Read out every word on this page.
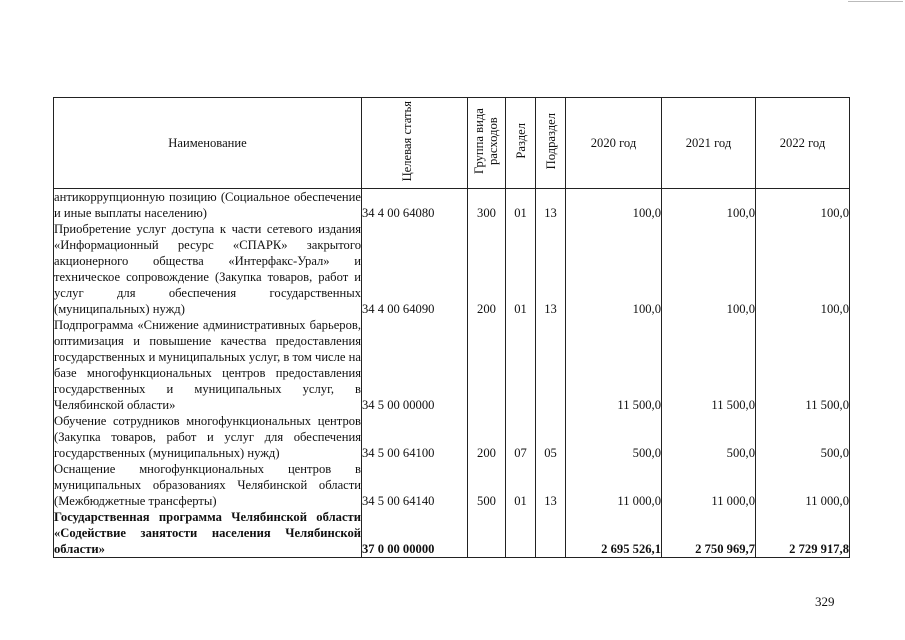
Наименование	Целевая статья	Группа вида расходов	Раздел	Подраздел	2020 год	2021 год	2022 год
антикоррупционную позицию (Социальное обеспечение и иные выплаты населению)	34 4 00 64080	300	01	13	100,0	100,0	100,0
Приобретение услуг доступа к части сетевого издания «Информационный ресурс «СПАРК» закрытого акционерного общества «Интерфакс-Урал» и техническое сопровождение (Закупка товаров, работ и услуг для обеспечения государственных (муниципальных) нужд)	34 4 00 64090	200	01	13	100,0	100,0	100,0
Подпрограмма «Снижение административных барьеров, оптимизация и повышение качества предоставления государственных и муниципальных услуг, в том числе на базе многофункциональных центров предоставления государственных и муниципальных услуг, в Челябинской области»	34 5 00 00000				11 500,0	11 500,0	11 500,0
Обучение сотрудников многофункциональных центров (Закупка товаров, работ и услуг для обеспечения государственных (муниципальных) нужд)	34 5 00 64100	200	07	05	500,0	500,0	500,0
Оснащение многофункциональных центров в муниципальных образованиях Челябинской области (Межбюджетные трансферты)	34 5 00 64140	500	01	13	11 000,0	11 000,0	11 000,0
Государственная программа Челябинской области «Содействие занятости населения Челябинской области»	37 0 00 00000				2 695 526,1	2 750 969,7	2 729 917,8
329
